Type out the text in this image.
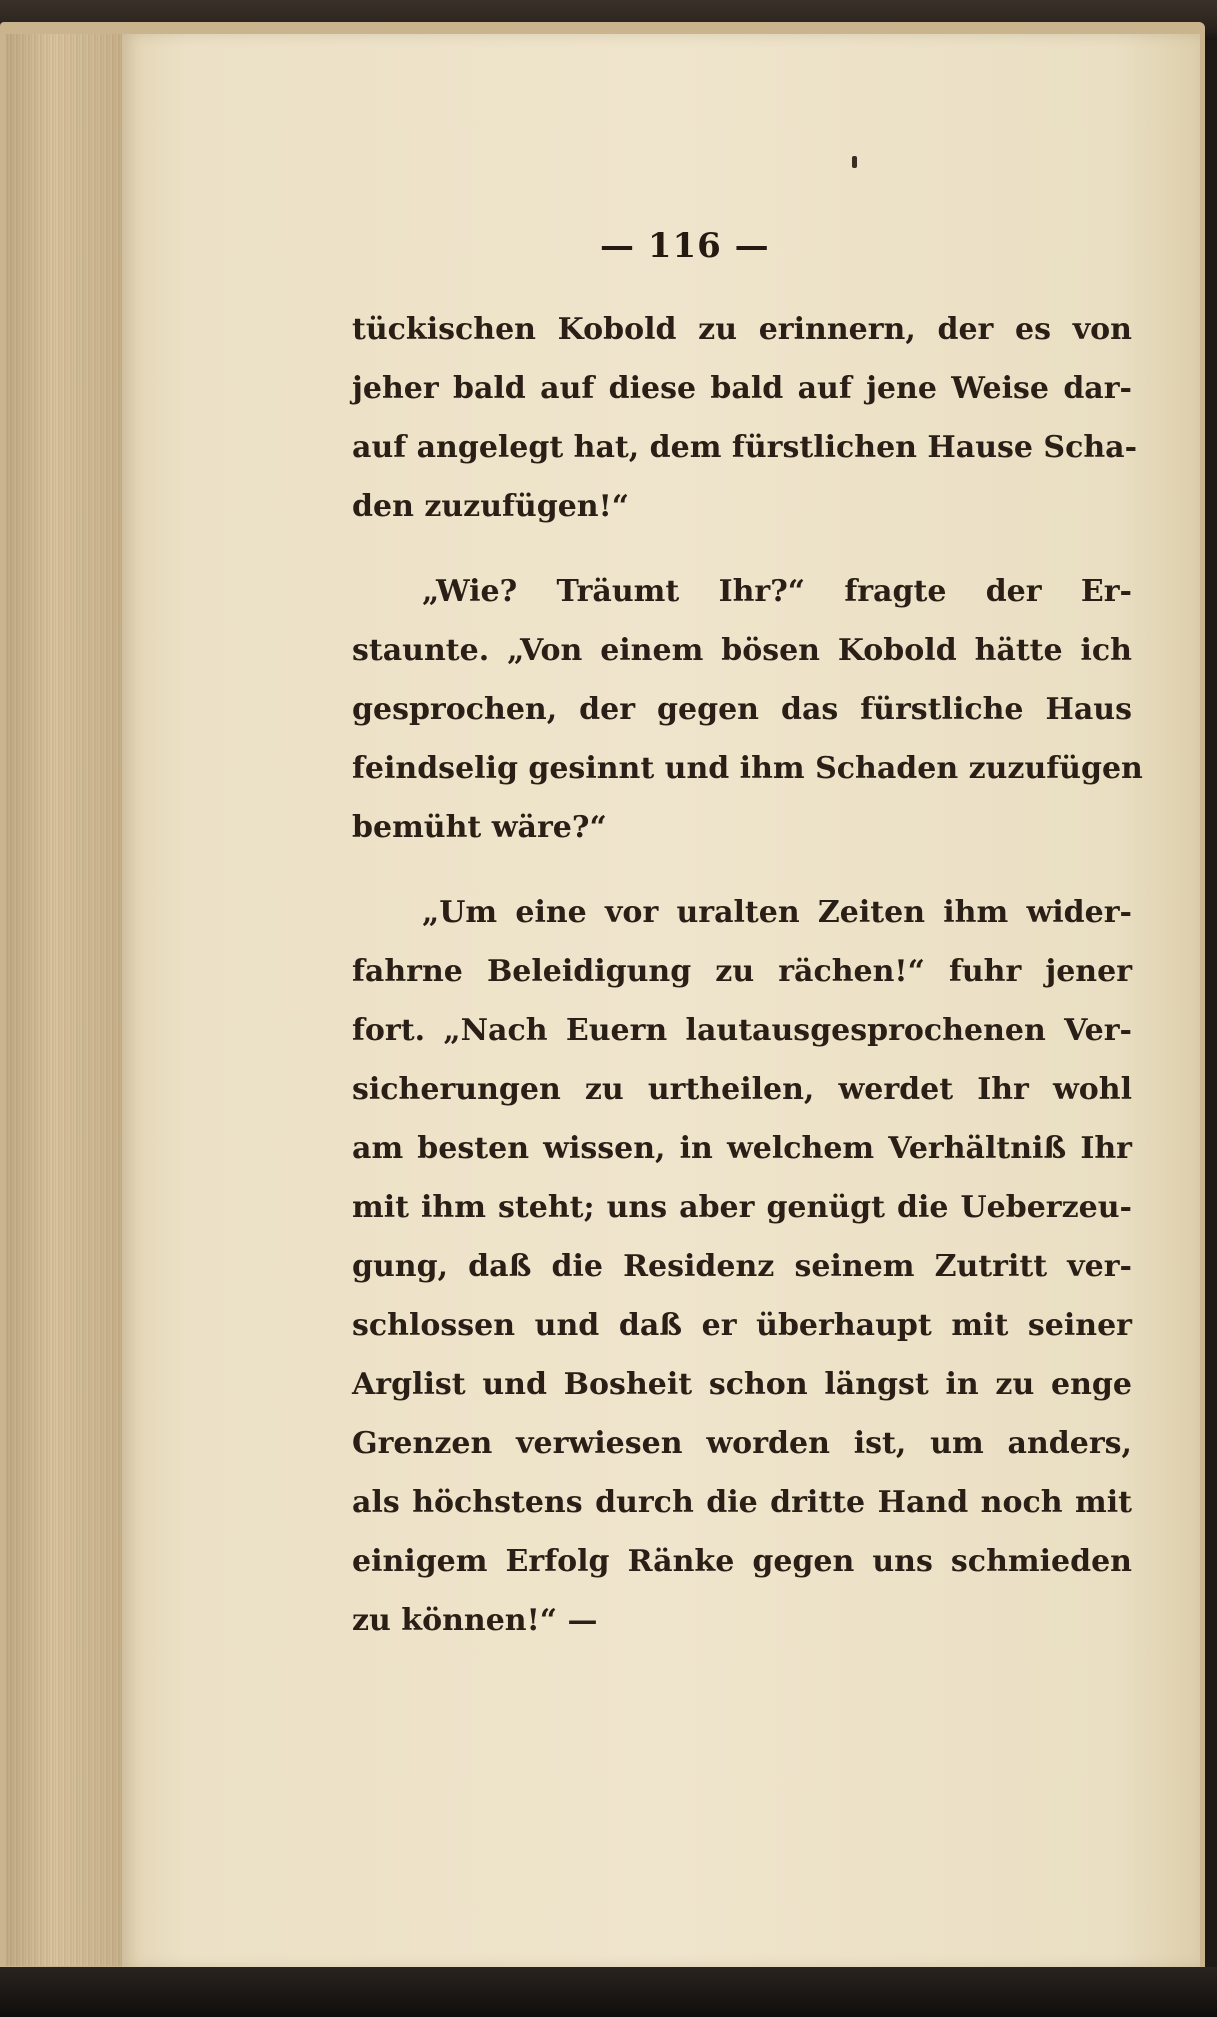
— 116 —
tückischen Kobold zu erinnern, der es von
jeher bald auf diese bald auf jene Weise dar-
auf angelegt hat, dem fürstlichen Hause Scha-
den zuzufügen!“
„Wie? Träumt Ihr?“ fragte der Er-
staunte. „Von einem bösen Kobold hätte ich
gesprochen, der gegen das fürstliche Haus
feindselig gesinnt und ihm Schaden zuzufügen
bemüht wäre?“
„Um eine vor uralten Zeiten ihm wider-
fahrne Beleidigung zu rächen!“ fuhr jener
fort. „Nach Euern lautausgesprochenen Ver-
sicherungen zu urtheilen, werdet Ihr wohl
am besten wissen, in welchem Verhältniß Ihr
mit ihm steht; uns aber genügt die Ueberzeu-
gung, daß die Residenz seinem Zutritt ver-
schlossen und daß er überhaupt mit seiner
Arglist und Bosheit schon längst in zu enge
Grenzen verwiesen worden ist, um anders,
als höchstens durch die dritte Hand noch mit
einigem Erfolg Ränke gegen uns schmieden
zu können!“ —
